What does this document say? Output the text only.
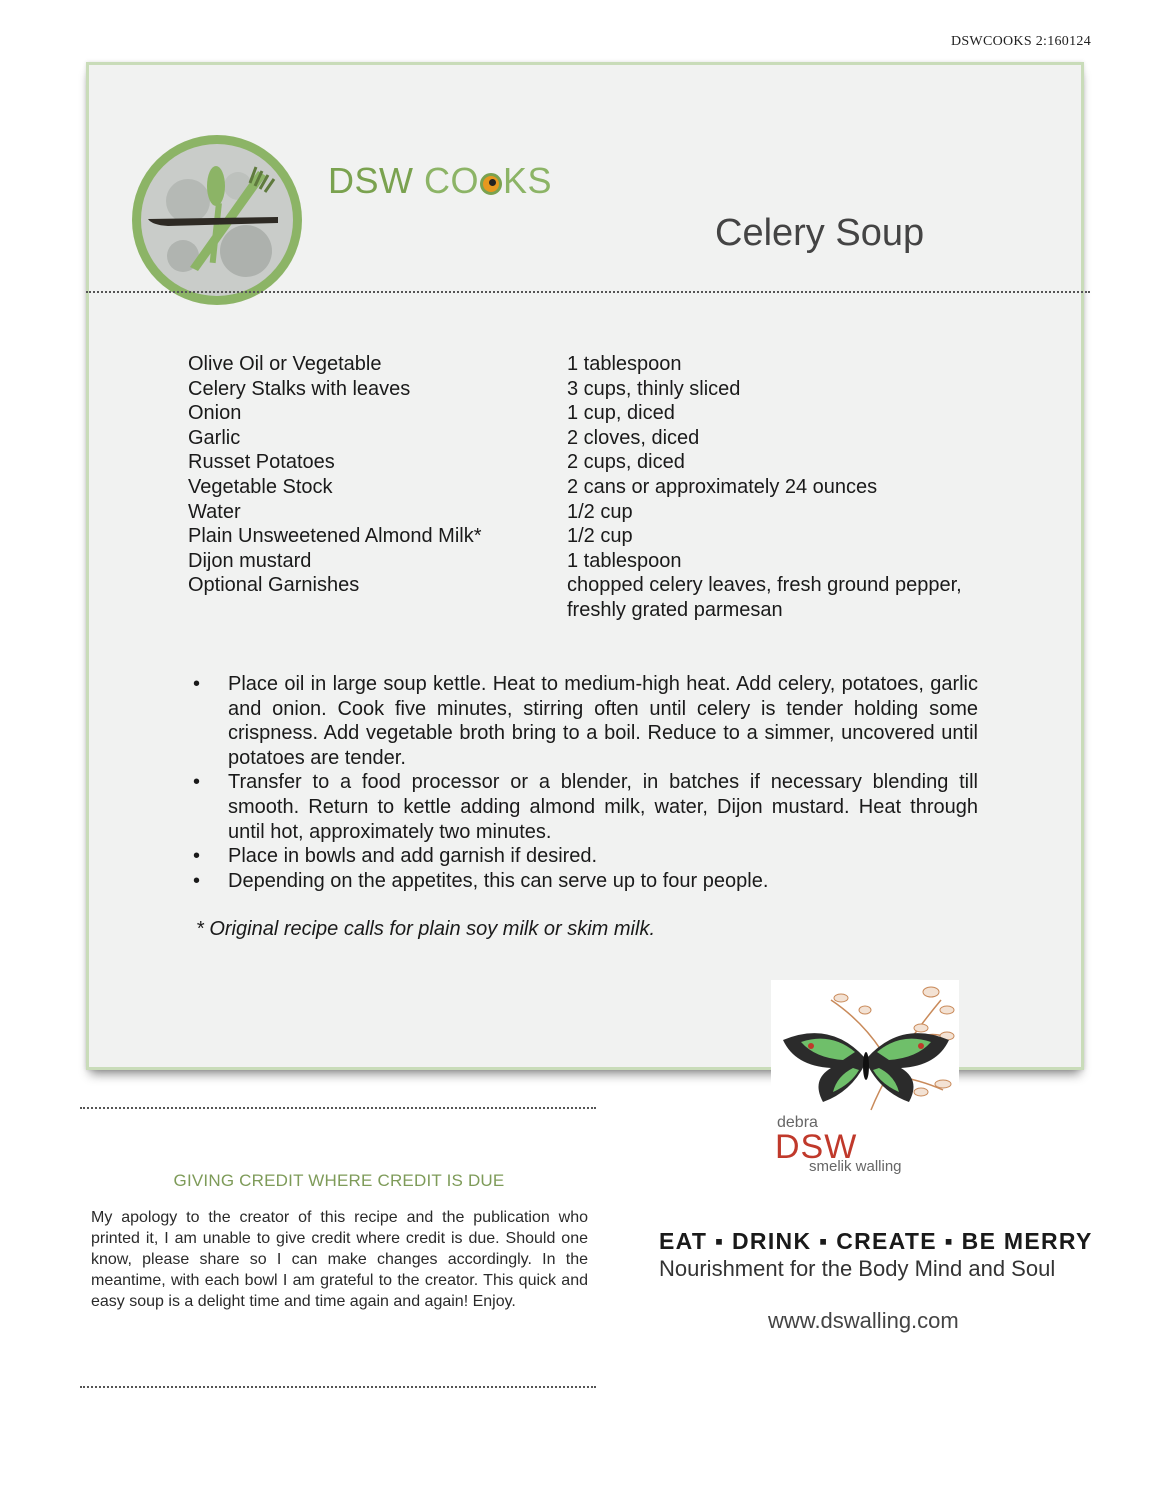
DSWCOOKS 2:160124
DSW CO KS
Celery Soup
Olive Oil or Vegetable	1 tablespoon
Celery Stalks with leaves	3 cups, thinly sliced
Onion	1 cup, diced
Garlic	2 cloves, diced
Russet Potatoes	2 cups, diced
Vegetable Stock	2 cans or approximately 24 ounces
Water	1/2 cup
Plain Unsweetened Almond Milk*	1/2 cup
Dijon mustard	1 tablespoon
Optional Garnishes	chopped celery leaves, fresh ground pepper, freshly grated parmesan
• Place oil in large soup kettle. Heat to medium-high heat. Add celery, potatoes, garlic and onion. Cook five minutes, stirring often until celery is tender holding some crispness. Add vegetable broth bring to a boil. Reduce to a simmer, uncovered until potatoes are tender.
• Transfer to a food processor or a blender, in batches if necessary blending till smooth. Return to kettle adding almond milk, water, Dijon mustard. Heat through until hot, approximately two minutes.
• Place in bowls and add garnish if desired.
• Depending on the appetites, this can serve up to four people.
* Original recipe calls for plain soy milk or skim milk.
debra
DSW
smelik walling
GIVING CREDIT WHERE CREDIT IS DUE
My apology to the creator of this recipe and the publication who printed it, I am unable to give credit where credit is due. Should one know, please share so I can make changes accordingly. In the meantime, with each bowl I am grateful to the creator. This quick and easy soup is a delight time and time again and again! Enjoy.
EAT ▪ DRINK ▪ CREATE ▪ BE MERRY
Nourishment for the Body Mind and Soul
www.dswalling.com
